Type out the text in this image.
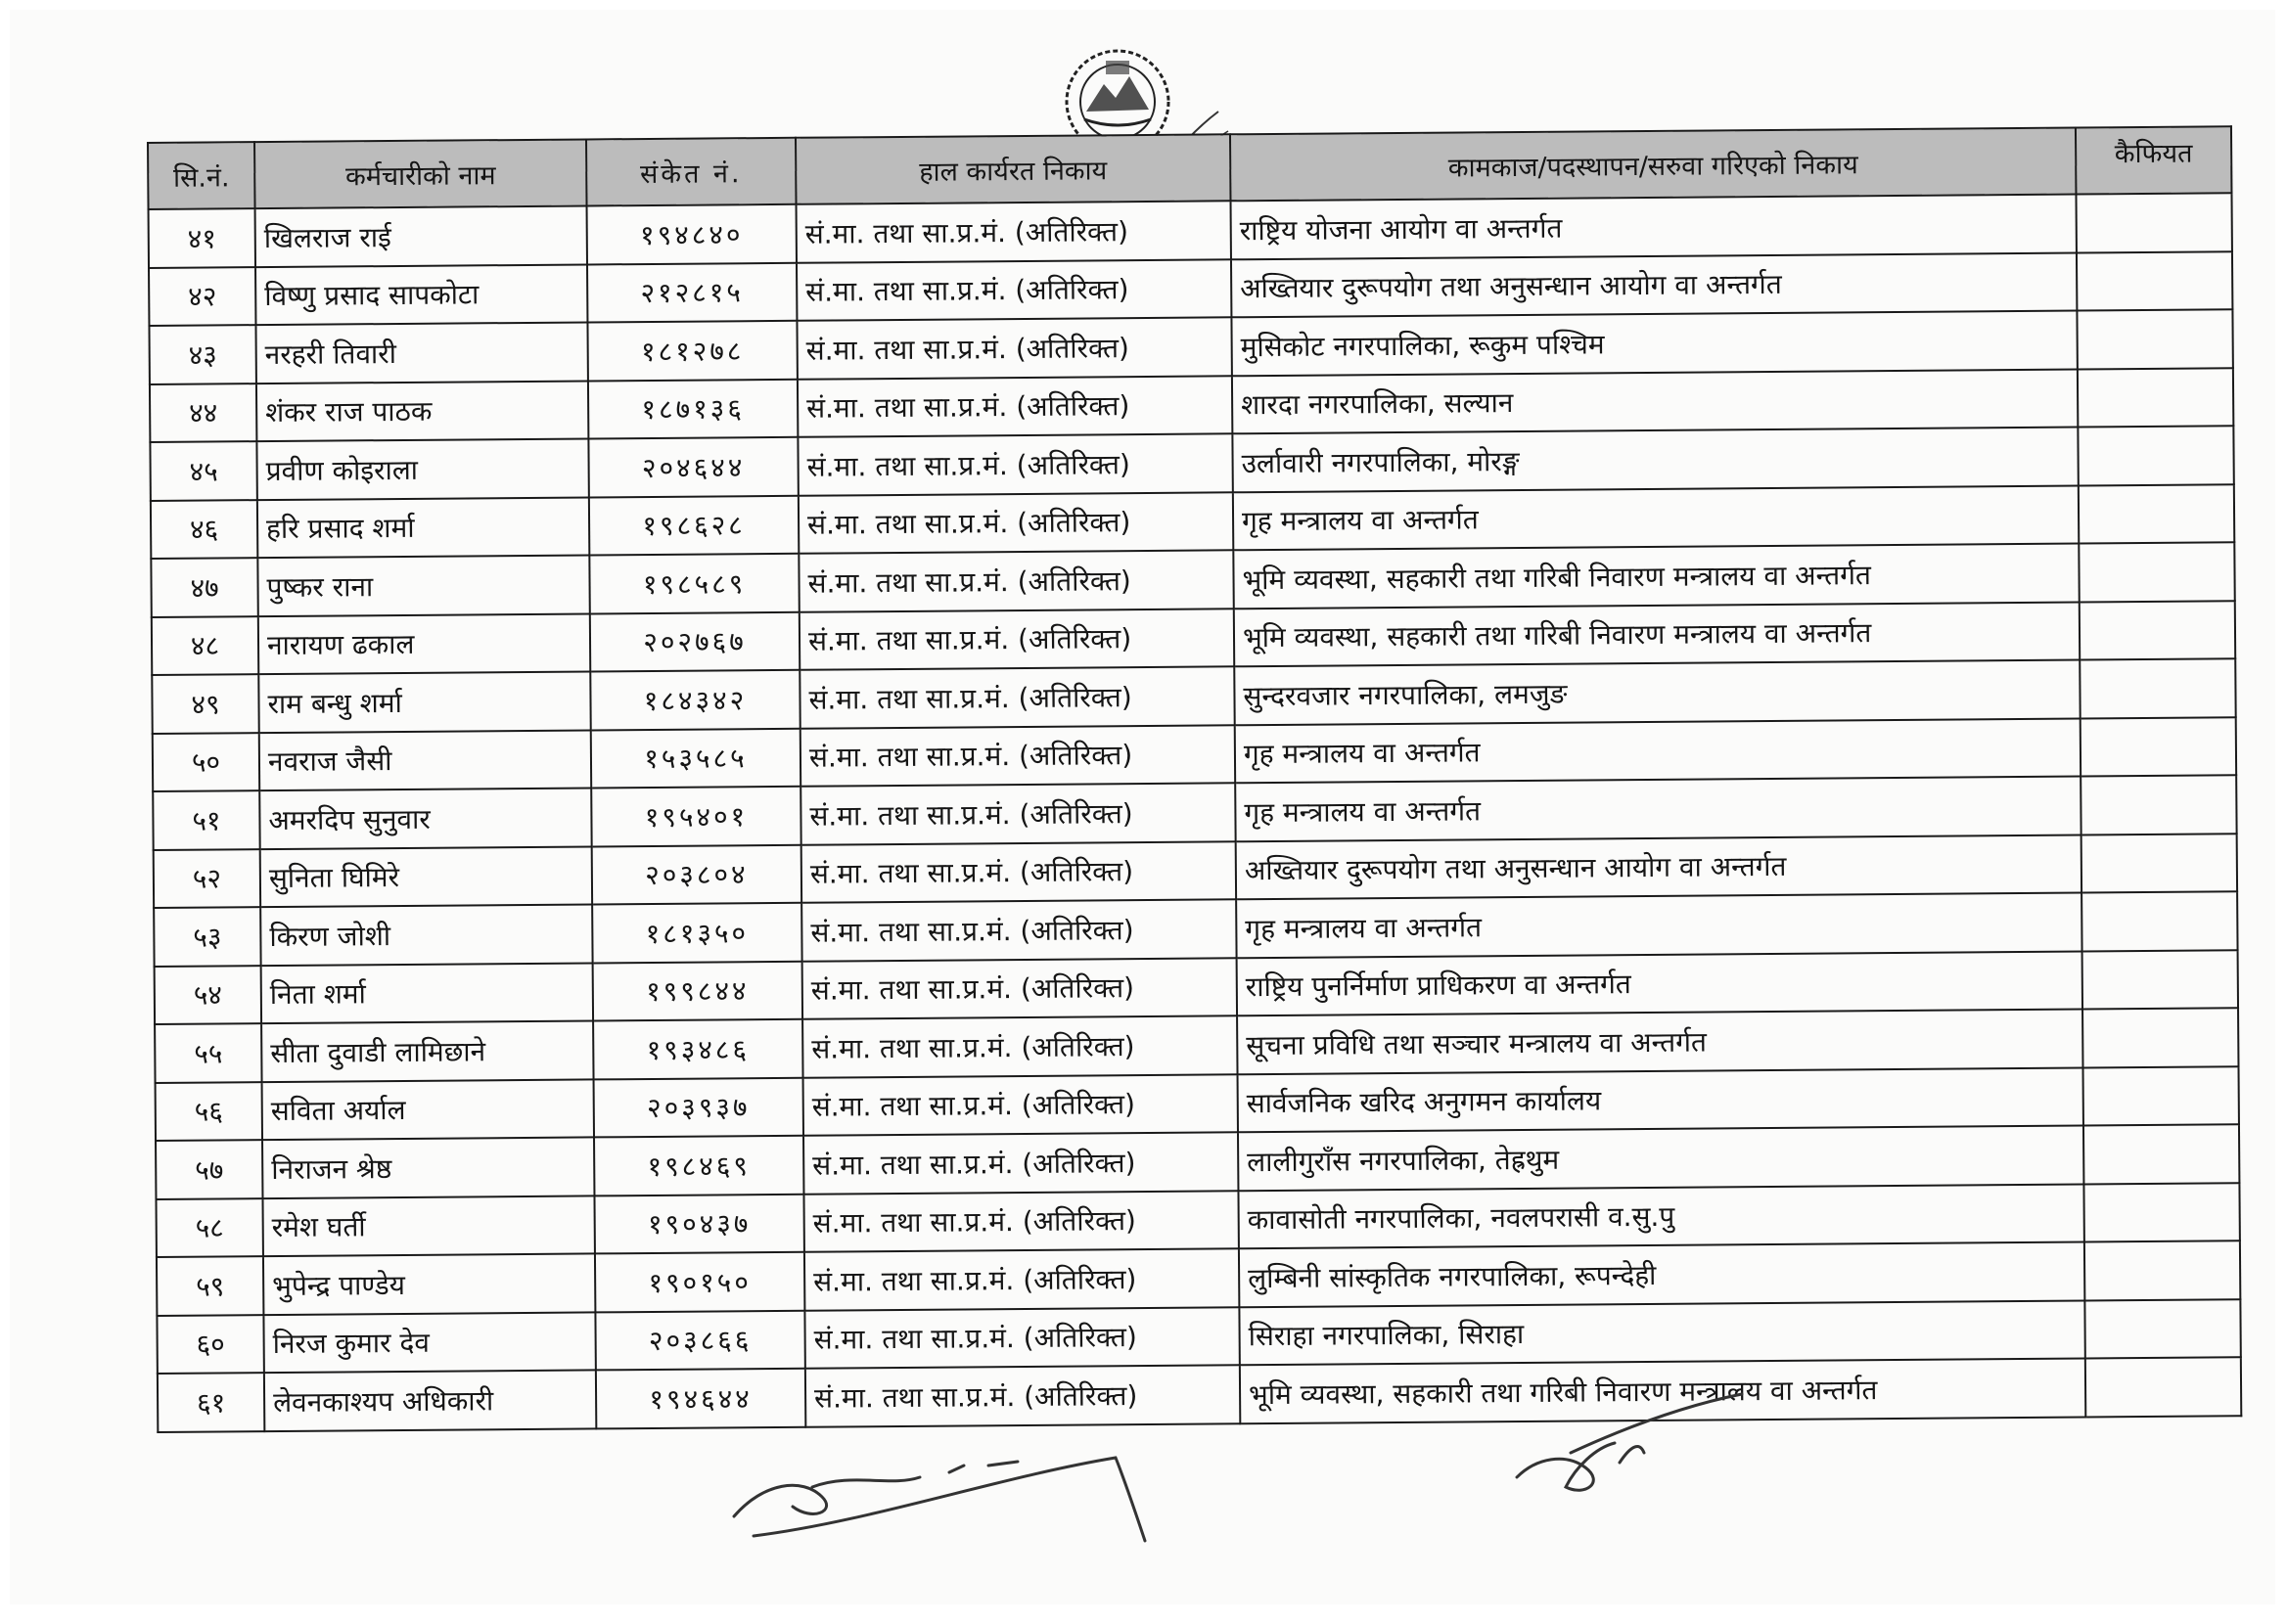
सि.नं.	कर्मचारीको नाम	संकेत नं.	हाल कार्यरत निकाय	कामकाज/पदस्थापन/सरुवा गरिएको निकाय	कैफियत
४१	खिलराज राई	१९४८४०	सं.मा. तथा सा.प्र.मं. (अतिरिक्त)	राष्ट्रिय योजना आयोग वा अन्तर्गत	
४२	विष्णु प्रसाद सापकोटा	२१२८१५	सं.मा. तथा सा.प्र.मं. (अतिरिक्त)	अख्तियार दुरूपयोग तथा अनुसन्धान आयोग वा अन्तर्गत	
४३	नरहरी तिवारी	१८१२७८	सं.मा. तथा सा.प्र.मं. (अतिरिक्त)	मुसिकोट नगरपालिका, रूकुम पश्चिम	
४४	शंकर राज पाठक	१८७१३६	सं.मा. तथा सा.प्र.मं. (अतिरिक्त)	शारदा नगरपालिका, सल्यान	
४५	प्रवीण कोइराला	२०४६४४	सं.मा. तथा सा.प्र.मं. (अतिरिक्त)	उर्लावारी नगरपालिका, मोरङ्ग	
४६	हरि प्रसाद शर्मा	१९८६२८	सं.मा. तथा सा.प्र.मं. (अतिरिक्त)	गृह मन्त्रालय वा अन्तर्गत	
४७	पुष्कर राना	१९८५८९	सं.मा. तथा सा.प्र.मं. (अतिरिक्त)	भूमि व्यवस्था, सहकारी तथा गरिबी निवारण मन्त्रालय वा अन्तर्गत	
४८	नारायण ढकाल	२०२७६७	सं.मा. तथा सा.प्र.मं. (अतिरिक्त)	भूमि व्यवस्था, सहकारी तथा गरिबी निवारण मन्त्रालय वा अन्तर्गत	
४९	राम बन्धु शर्मा	१८४३४२	सं.मा. तथा सा.प्र.मं. (अतिरिक्त)	सुन्दरवजार नगरपालिका, लमजुङ	
५०	नवराज जैसी	१५३५८५	सं.मा. तथा सा.प्र.मं. (अतिरिक्त)	गृह मन्त्रालय वा अन्तर्गत	
५१	अमरदिप सुनुवार	१९५४०१	सं.मा. तथा सा.प्र.मं. (अतिरिक्त)	गृह मन्त्रालय वा अन्तर्गत	
५२	सुनिता घिमिरे	२०३८०४	सं.मा. तथा सा.प्र.मं. (अतिरिक्त)	अख्तियार दुरूपयोग तथा अनुसन्धान आयोग वा अन्तर्गत	
५३	किरण जोशी	१८१३५०	सं.मा. तथा सा.प्र.मं. (अतिरिक्त)	गृह मन्त्रालय वा अन्तर्गत	
५४	निता शर्मा	१९९८४४	सं.मा. तथा सा.प्र.मं. (अतिरिक्त)	राष्ट्रिय पुनर्निर्माण प्राधिकरण वा अन्तर्गत	
५५	सीता दुवाडी लामिछाने	१९३४८६	सं.मा. तथा सा.प्र.मं. (अतिरिक्त)	सूचना प्रविधि तथा सञ्चार मन्त्रालय वा अन्तर्गत	
५६	सविता अर्याल	२०३९३७	सं.मा. तथा सा.प्र.मं. (अतिरिक्त)	सार्वजनिक खरिद अनुगमन कार्यालय	
५७	निराजन श्रेष्ठ	१९८४६९	सं.मा. तथा सा.प्र.मं. (अतिरिक्त)	लालीगुराँस नगरपालिका, तेह्रथुम	
५८	रमेश घर्ती	१९०४३७	सं.मा. तथा सा.प्र.मं. (अतिरिक्त)	कावासोती नगरपालिका, नवलपरासी व.सु.पु	
५९	भुपेन्द्र पाण्डेय	१९०१५०	सं.मा. तथा सा.प्र.मं. (अतिरिक्त)	लुम्बिनी सांस्कृतिक नगरपालिका, रूपन्देही	
६०	निरज कुमार देव	२०३८६६	सं.मा. तथा सा.प्र.मं. (अतिरिक्त)	सिराहा नगरपालिका, सिराहा	
६१	लेवनकाश्यप अधिकारी	१९४६४४	सं.मा. तथा सा.प्र.मं. (अतिरिक्त)	भूमि व्यवस्था, सहकारी तथा गरिबी निवारण मन्त्रालय वा अन्तर्गत	
